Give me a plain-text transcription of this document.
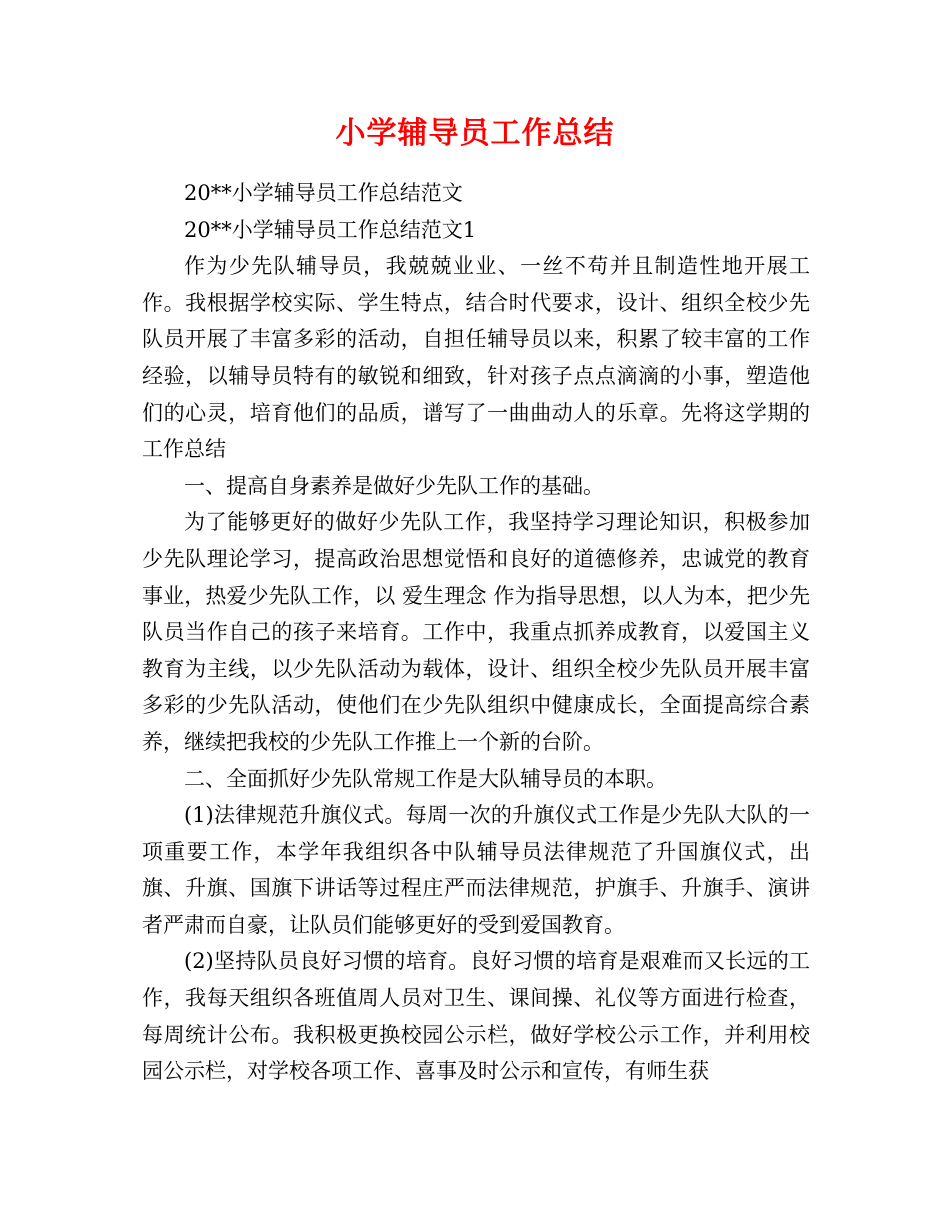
小学辅导员工作总结

20**小学辅导员工作总结范文

20**小学辅导员工作总结范文1

作为少先队辅导员，我兢兢业业、一丝不苟并且制造性地开展工作。我根据学校实际、学生特点，结合时代要求，设计、组织全校少先队员开展了丰富多彩的活动，自担任辅导员以来，积累了较丰富的工作经验，以辅导员特有的敏锐和细致，针对孩子点点滴滴的小事，塑造他们的心灵，培育他们的品质，谱写了一曲曲动人的乐章。先将这学期的工作总结

一、提高自身素养是做好少先队工作的基础。

为了能够更好的做好少先队工作，我坚持学习理论知识，积极参加少先队理论学习，提高政治思想觉悟和良好的道德修养，忠诚党的教育事业，热爱少先队工作，以 爱生理念 作为指导思想，以人为本，把少先队员当作自己的孩子来培育。工作中，我重点抓养成教育，以爱国主义教育为主线，以少先队活动为载体，设计、组织全校少先队员开展丰富多彩的少先队活动，使他们在少先队组织中健康成长，全面提高综合素养，继续把我校的少先队工作推上一个新的台阶。

二、全面抓好少先队常规工作是大队辅导员的本职。

(1)法律规范升旗仪式。每周一次的升旗仪式工作是少先队大队的一项重要工作，本学年我组织各中队辅导员法律规范了升国旗仪式，出旗、升旗、国旗下讲话等过程庄严而法律规范，护旗手、升旗手、演讲者严肃而自豪，让队员们能够更好的受到爱国教育。

(2)坚持队员良好习惯的培育。良好习惯的培育是艰难而又长远的工作，我每天组织各班值周人员对卫生、课间操、礼仪等方面进行检查，每周统计公布。我积极更换校园公示栏，做好学校公示工作，并利用校园公示栏，对学校各项工作、喜事及时公示和宣传，有师生获
